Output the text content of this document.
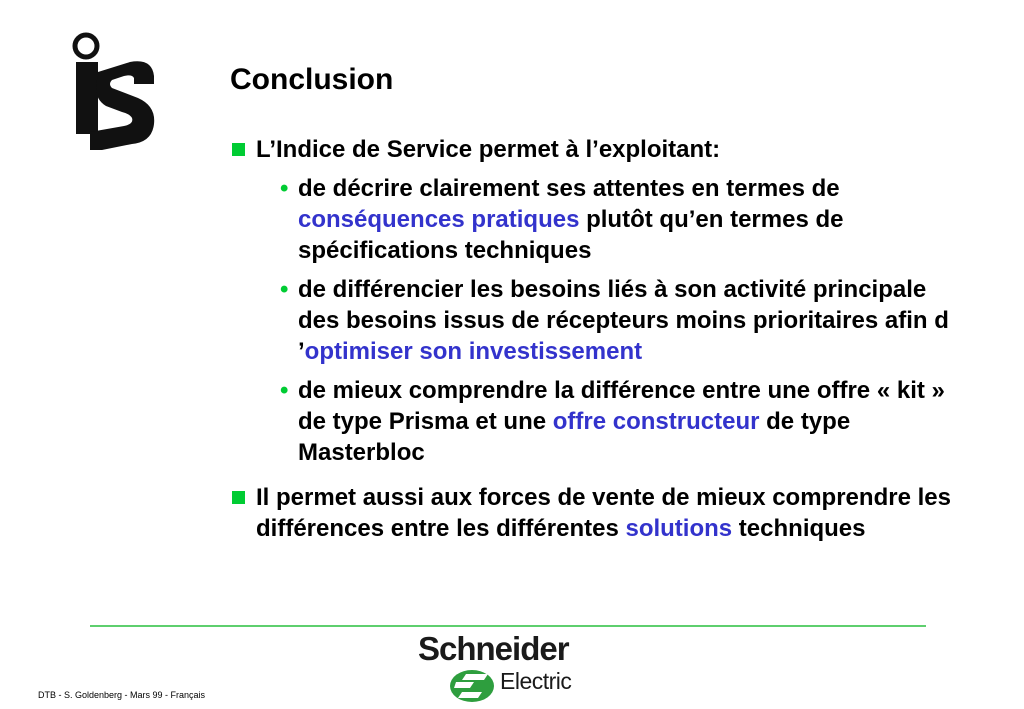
Conclusion
L’Indice de Service permet à l’exploitant:
• de décrire clairement ses attentes en termes de conséquences pratiques plutôt qu’en termes de spécifications techniques
• de différencier les besoins liés à son activité principale des besoins issus de récepteurs moins prioritaires afin d ’optimiser son investissement
• de mieux comprendre la différence entre une offre « kit » de type Prisma et une offre constructeur de type Masterbloc
Il permet aussi aux forces de vente de mieux comprendre les différences entre les différentes solutions techniques
Schneider
Electric
DTB - S. Goldenberg - Mars 99 - Français
